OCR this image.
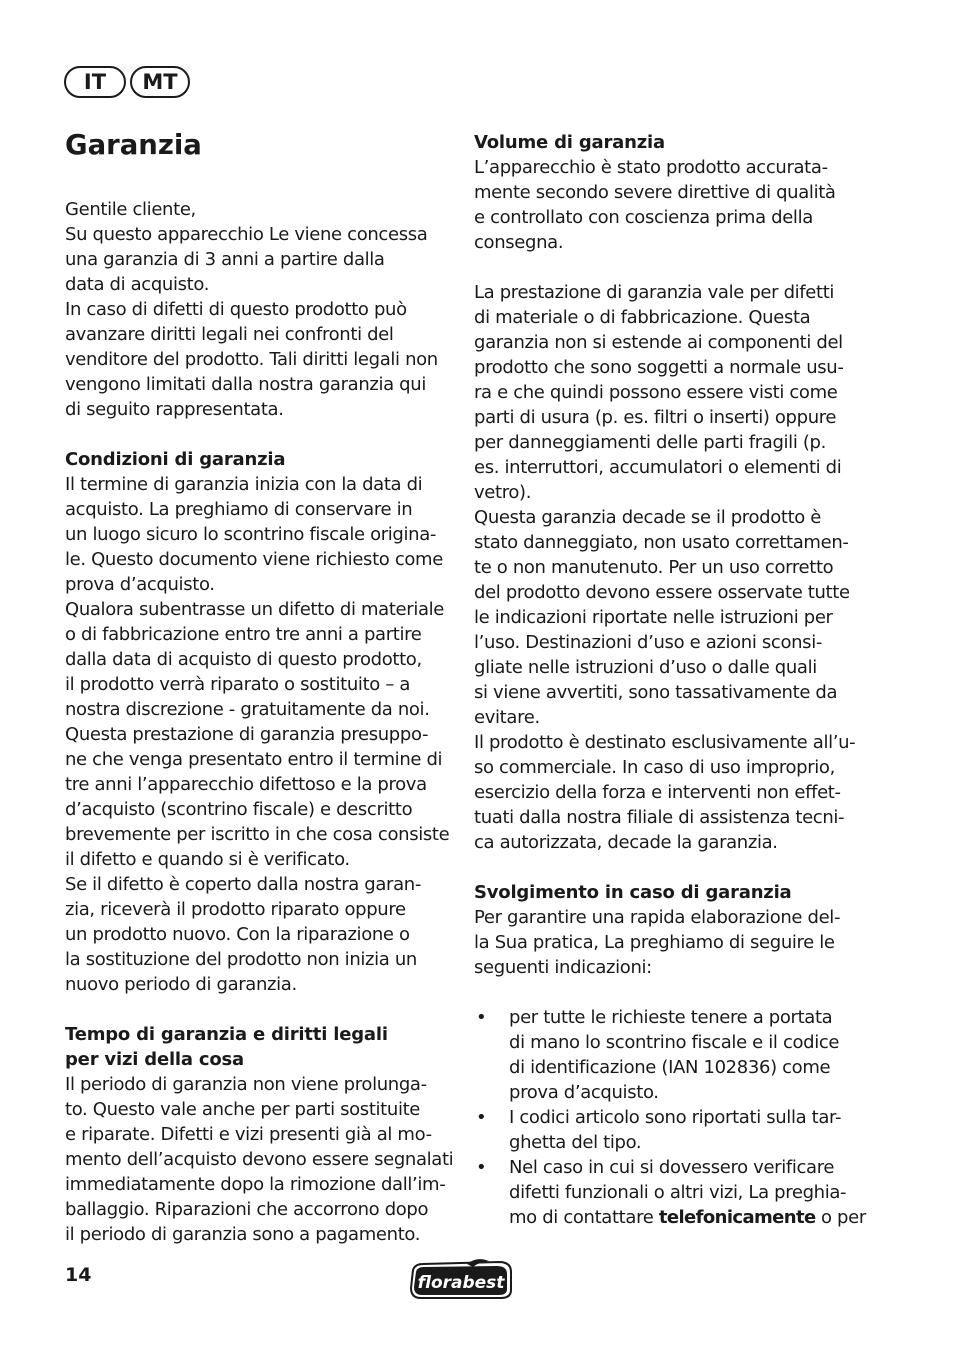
IT	MT
Garanzia
Gentile cliente,
Su questo apparecchio Le viene concessa
una garanzia di 3 anni a partire dalla
data di acquisto.
In caso di difetti di questo prodotto può
avanzare diritti legali nei confronti del
venditore del prodotto. Tali diritti legali non
vengono limitati dalla nostra garanzia qui
di seguito rappresentata.
Condizioni di garanzia
Il termine di garanzia inizia con la data di
acquisto. La preghiamo di conservare in
un luogo sicuro lo scontrino fiscale origina-
le. Questo documento viene richiesto come
prova d’acquisto.
Qualora subentrasse un difetto di materiale
o di fabbricazione entro tre anni a partire
dalla data di acquisto di questo prodotto,
il prodotto verrà riparato o sostituito – a
nostra discrezione - gratuitamente da noi.
Questa prestazione di garanzia presuppo-
ne che venga presentato entro il termine di
tre anni l’apparecchio difettoso e la prova
d’acquisto (scontrino fiscale) e descritto
brevemente per iscritto in che cosa consiste
il difetto e quando si è verificato.
Se il difetto è coperto dalla nostra garan-
zia, riceverà il prodotto riparato oppure
un prodotto nuovo. Con la riparazione o
la sostituzione del prodotto non inizia un
nuovo periodo di garanzia.
Tempo di garanzia e diritti legali
per vizi della cosa
Il periodo di garanzia non viene prolunga-
to. Questo vale anche per parti sostituite
e riparate. Difetti e vizi presenti già al mo-
mento dell’acquisto devono essere segnalati
immediatamente dopo la rimozione dall’im-
ballaggio. Riparazioni che accorrono dopo
il periodo di garanzia sono a pagamento.
Volume di garanzia
L’apparecchio è stato prodotto accurata-
mente secondo severe direttive di qualità
e controllato con coscienza prima della
consegna.
La prestazione di garanzia vale per difetti
di materiale o di fabbricazione. Questa
garanzia non si estende ai componenti del
prodotto che sono soggetti a normale usu-
ra e che quindi possono essere visti come
parti di usura (p. es. filtri o inserti) oppure
per danneggiamenti delle parti fragili (p.
es. interruttori, accumulatori o elementi di
vetro).
Questa garanzia decade se il prodotto è
stato danneggiato, non usato correttamen-
te o non manutenuto. Per un uso corretto
del prodotto devono essere osservate tutte
le indicazioni riportate nelle istruzioni per
l’uso. Destinazioni d’uso e azioni sconsi-
gliate nelle istruzioni d’uso o dalle quali
si viene avvertiti, sono tassativamente da
evitare.
Il prodotto è destinato esclusivamente all’u-
so commerciale. In caso di uso improprio,
esercizio della forza e interventi non effet-
tuati dalla nostra filiale di assistenza tecni-
ca autorizzata, decade la garanzia.
Svolgimento in caso di garanzia
Per garantire una rapida elaborazione del-
la Sua pratica, La preghiamo di seguire le
seguenti indicazioni:
• per tutte le richieste tenere a portata
di mano lo scontrino fiscale e il codice
di identificazione (IAN 102836) come
prova d’acquisto.
• I codici articolo sono riportati sulla tar-
ghetta del tipo.
• Nel caso in cui si dovessero verificare
difetti funzionali o altri vizi, La preghia-
mo di contattare telefonicamente o per
14	florabest
